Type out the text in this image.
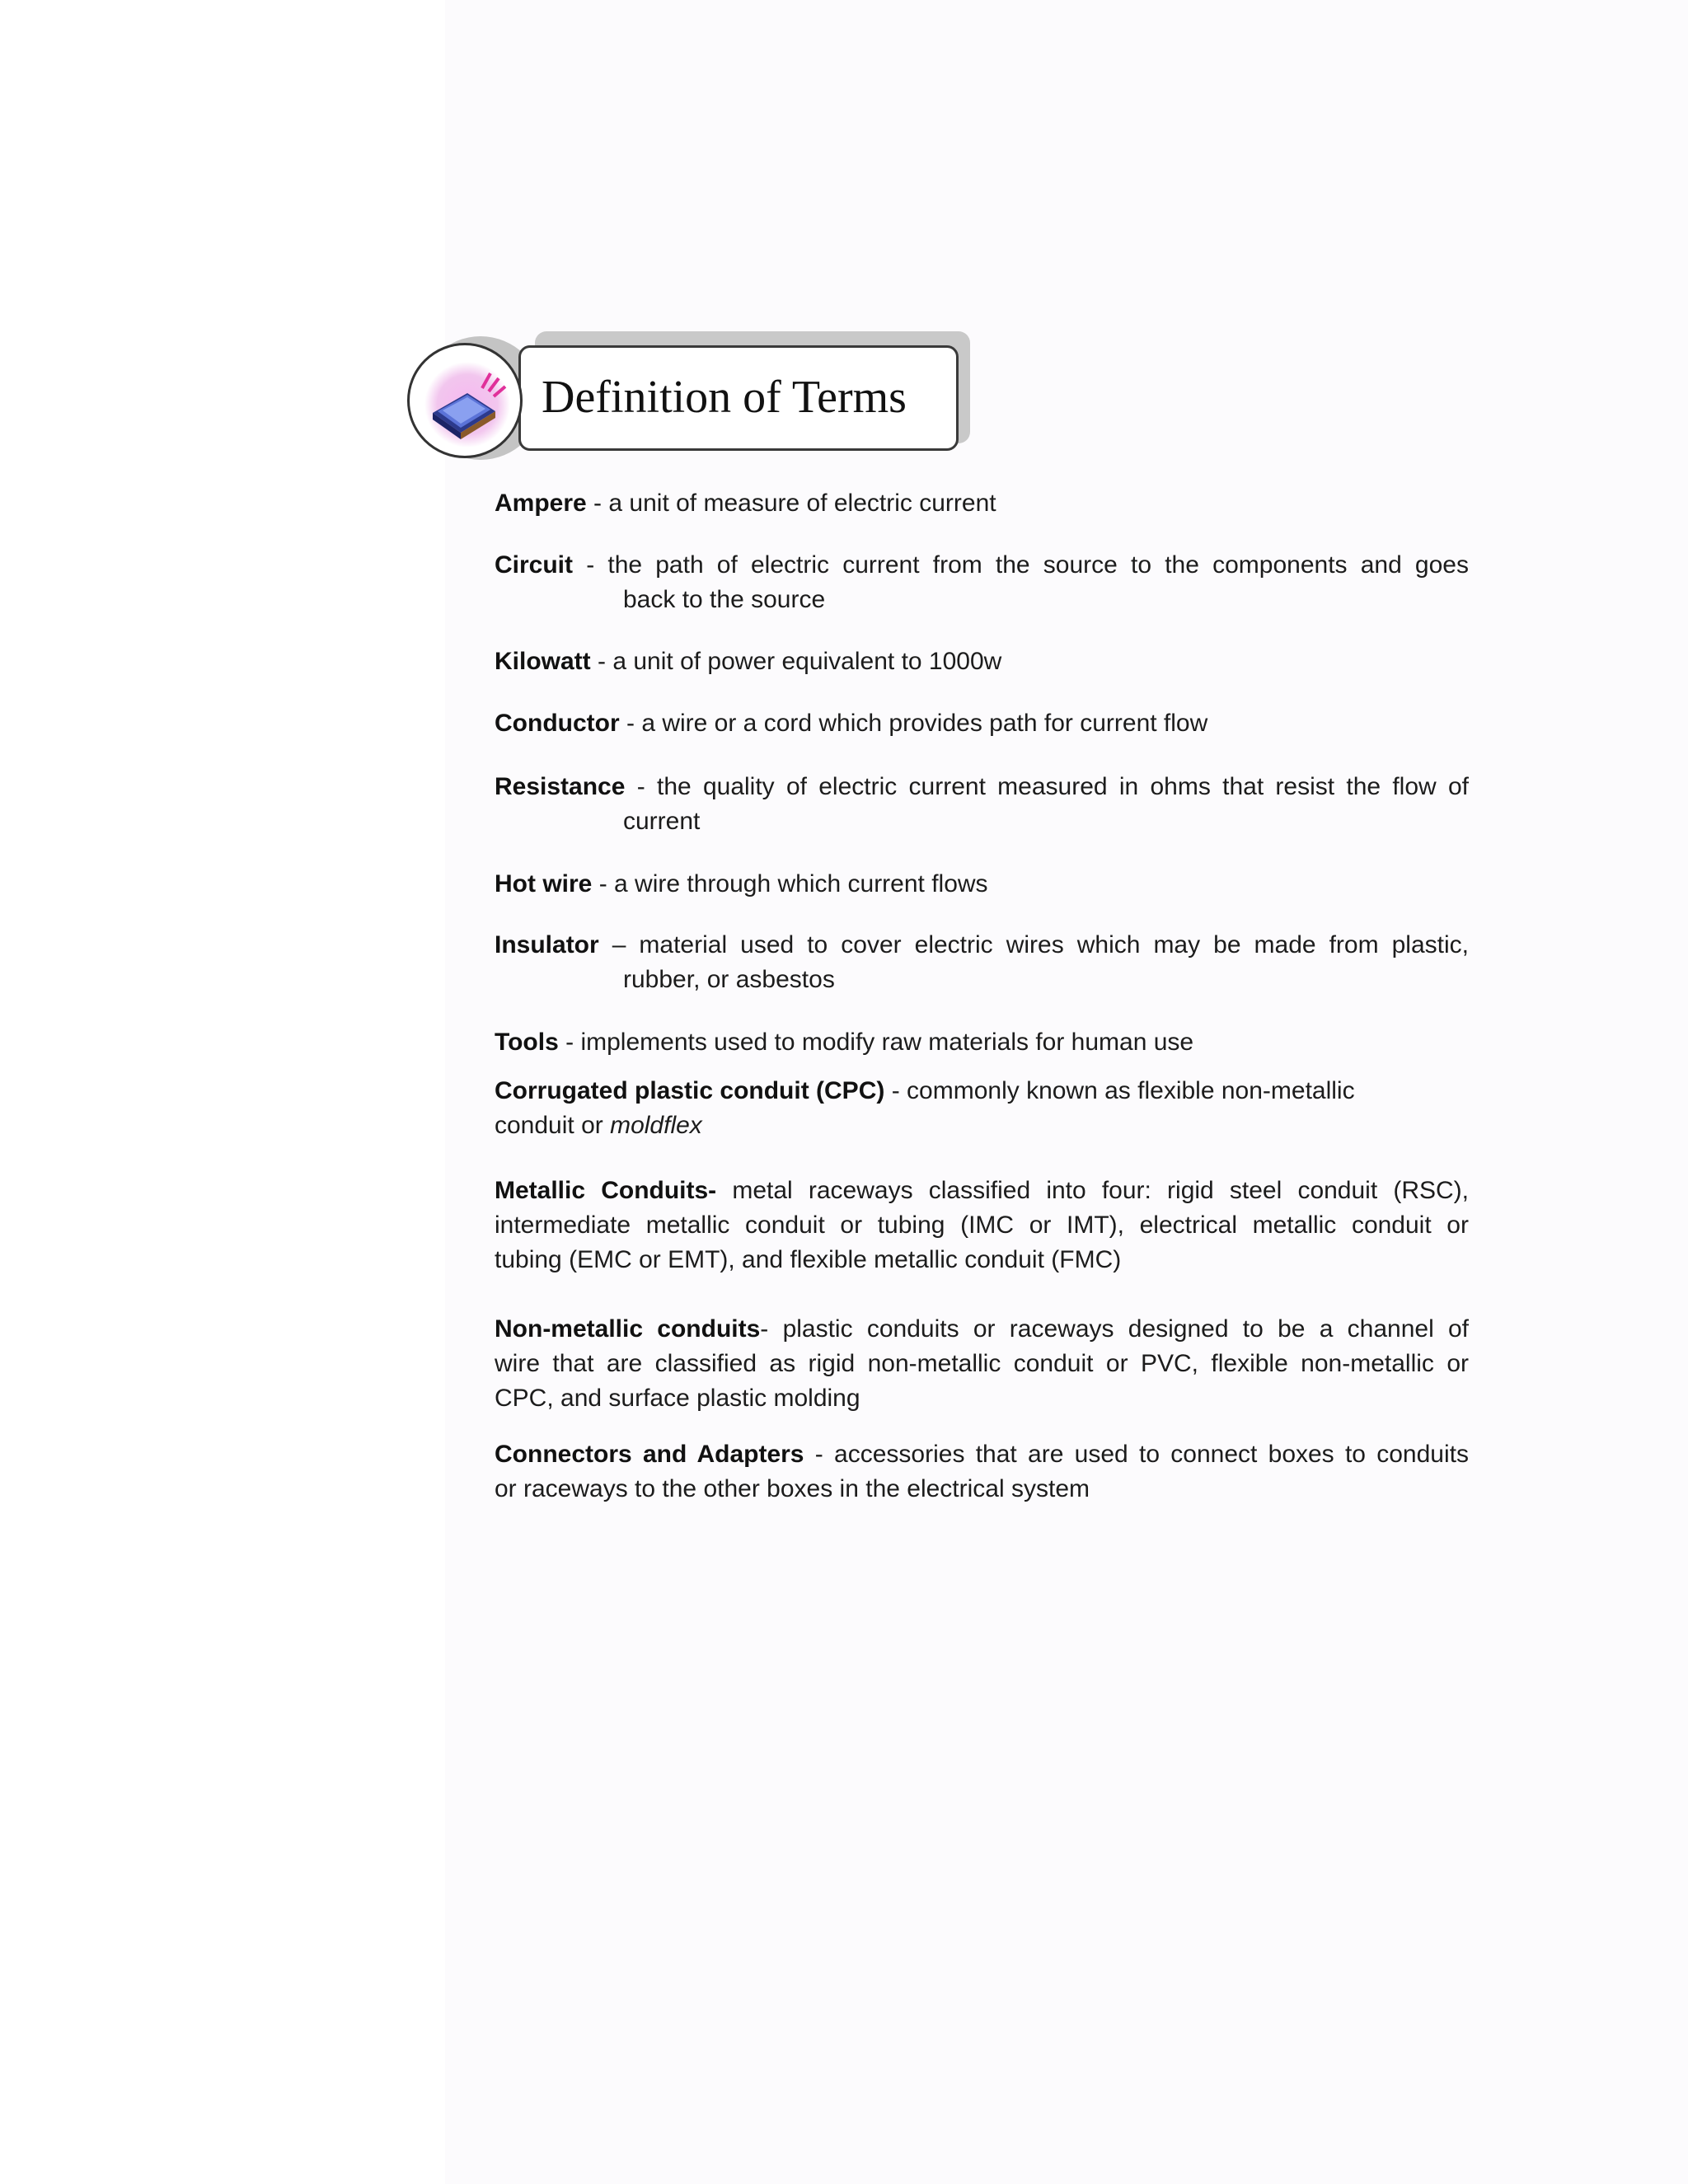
Definition of Terms

Ampere - a unit of measure of electric current

Circuit - the path of electric current from the source to the components and goes
back to the source

Kilowatt - a unit of power equivalent to 1000w

Conductor - a wire or a cord which provides path for current flow

Resistance - the quality of electric current measured in ohms that resist the flow of
current

Hot wire - a wire through which current flows

Insulator – material used to cover electric wires which may be made from plastic,
rubber, or asbestos

Tools - implements used to modify raw materials for human use

Corrugated plastic conduit (CPC) - commonly known as flexible non-metallic
conduit or moldflex

Metallic Conduits- metal raceways classified into four: rigid steel conduit (RSC),
intermediate metallic conduit or tubing (IMC or IMT), electrical metallic conduit or
tubing (EMC or EMT), and flexible metallic conduit (FMC)

Non-metallic conduits- plastic conduits or raceways designed to be a channel of
wire that are classified as rigid non-metallic conduit or PVC, flexible non-metallic or
CPC, and surface plastic molding

Connectors and Adapters - accessories that are used to connect boxes to conduits
or raceways to the other boxes in the electrical system
